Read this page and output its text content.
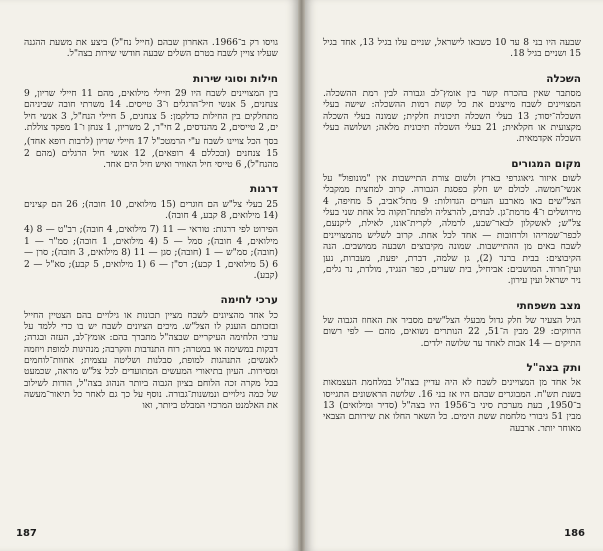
גויסו רק ב־1966. האחרון שבהם (חייל נח"ל) ביצע את משעת ההגנה שעליו צויין לשבח בטרם השלים שבעה חודשי שירות בצה"ל.

חילות וסוגי שירות

בין המצויינים לשבח היו 29 חיילי מילואים, מהם 11 חיילי שריון, 9 צנחנים, 5 אנשי חיל־הרגלים ו־3 טייסים. 14 משרתי חובה שביניהם מתחלקים בין החילות כדלקמן: 5 צנחנים, 5 חיילי הנח"ל, 3 אנשי חיל ים, 2 טייסים, 2 מהנדסים, 2 חי"ר, 2 משריון, 1 צנחן ו־1 מפקד צוללת.

בסך הכל צויינו לשבח ע"י הרמטכ"ל 17 חיילי שריון (לרבות רופא אחד), 15 צנחנים (ובכללם 4 רופאים), 12 אנשי חיל הרגלים (מהם 2 מהנח"ל), 6 טייסי חיל האוויר ואיש חיל הים אחד.

דרגות

25 בעלי צל"ש הם חוגרים (15 מילואים, 10 חובה); 26 הם קצינים (14 מילואים, 8 קבע, 4 חובה).

הפירוט לפי דרגות: טוראי — 11 (7 מילואים, 4 חובה); רב"ט — 8 (4 מילואים, 4 חובה); סמל — 5 (4 מילואים, 1 חובה); סמ"ר — 1 (חובה); סמ"ש — 1 (חובה); סגן — 11 (8 מילואים, 3 חובה); סרן — 6 (5 מילואים, 1 קבע); רס"ן — 6 (1 מילואים, 5 קבע); סא"ל — 2 (קבע).

ערכי לחימה

כל אחד מהציונים לשבח מציין תכונות או גילויים בהם הצטיין החייל ובזכותם הוענק לו הצל"ש. מיכים הציונים לשבח יש בו כדי ללמד על ערכי הלחימה העיקריים שבצה"ל מתברך בהם: אומץ־לב, העזה ובגרה; דבקות במשימה או במטרה; רוח התנדבות והקרבה; מנהיגות למופת ויוזמה לאנשים; התנהגות למופת, סבלנות ושליטה עצמית; אחוות־לוחמים ומסירות. העיון בתיאורי המעשים המתועדים לכל צל"ש מראה, שכמעט בכל מקרה זכה הלוחם בציון הגבוה ביותר הנהוג בצה"ל, הודות לשילוב של כמה גילויים ונמשנות־גבורה. נוסף על כך גם לאחר כל תיאור־מעשה את האלמנט המרכזי המבלט ביותר, ואו

187

שבעה היו בני 8 עד 10 כשבאו לישראל, שניים עלו בגיל 13, אחד בגיל 15 ושניים בגיל 18.

השכלה

מסתבר שאין בהכרח קשר בין אומץ־לב וגבורה לבין רמת ההשכלה. המצויינים לשבח מייצגים את כל קשת רמות ההשכלה: שישה בעלי השכלה־יסוד; 13 בעלי השכלה תיכונית חלקית; שמונה בעלי השכלה מקצועית או חקלאית; 21 בעלי השכלה תיכונית מלאה; ושלושה בעלי השכלה אקדמאית.

מקום המגורים

לשום איזור גיאוגרפי בארץ ולשום צורת התיישבות אין "מונופול" על אנשי־חמשה. לכולם יש חלק בפסגת הגבורה. קרוב למחצית ממקבלי הצל"שים באו מארבע הערים הגדולות: 9 מתל־אביב, 5 מחיפה, 4 מירושלים ו־4 מרמת־גן. לבתים, להרצליה ולפתח־תקוה כל אחת שני בעלי צל"ש; לאשקלון לבאר־שבע, לרמלה, לקרית־אונו, לאילת, ליקנעם, לכפר־שמריהו ולרחובות — אחד לכל אחת. קרוב לשליש מהמצויינים לשבח באים מן ההתיישבות. שמונה מקיבוצים ושבעה ממושבים. הנה הקיבוצים: בבית ברנר (2), גן שלמה, דברת, יפעת, מעברות, נען ועין־חרוד. המושבים: אביחיל, בית שערים, כפר הנגיד, מולדת, נר גלים, ניר ישראל ועין עירון.

מצב משפחתי

הגיל הצעיר של חלק גדול מבעלי הצל"שים מסביר את האחוז הגבוה של הרווקים: 29 מבין ה־51, 22 הנותרים נשואים, מהם — לפי רשום התיקים — 14 אבות לאחד עד שלושה ילדים.

ותק בצה"ל

אל אחד מן המצויינים לשבח לא היה עדיין בצה"ל במלחמת העצמאות בשנת תש"ח. המבוגרים שבהם היו אז בני 16. שלושה הראשונים התגייסו ב־1950, בעת מערכת סיני ב־1956 היו בצה"ל (סדיר ומילואים) 13 מבין 51 גיבורי מלחמת ששת הימים. כל השאר החלו את שירותם הצבאי מאוחר יותר. ארבעה

186
